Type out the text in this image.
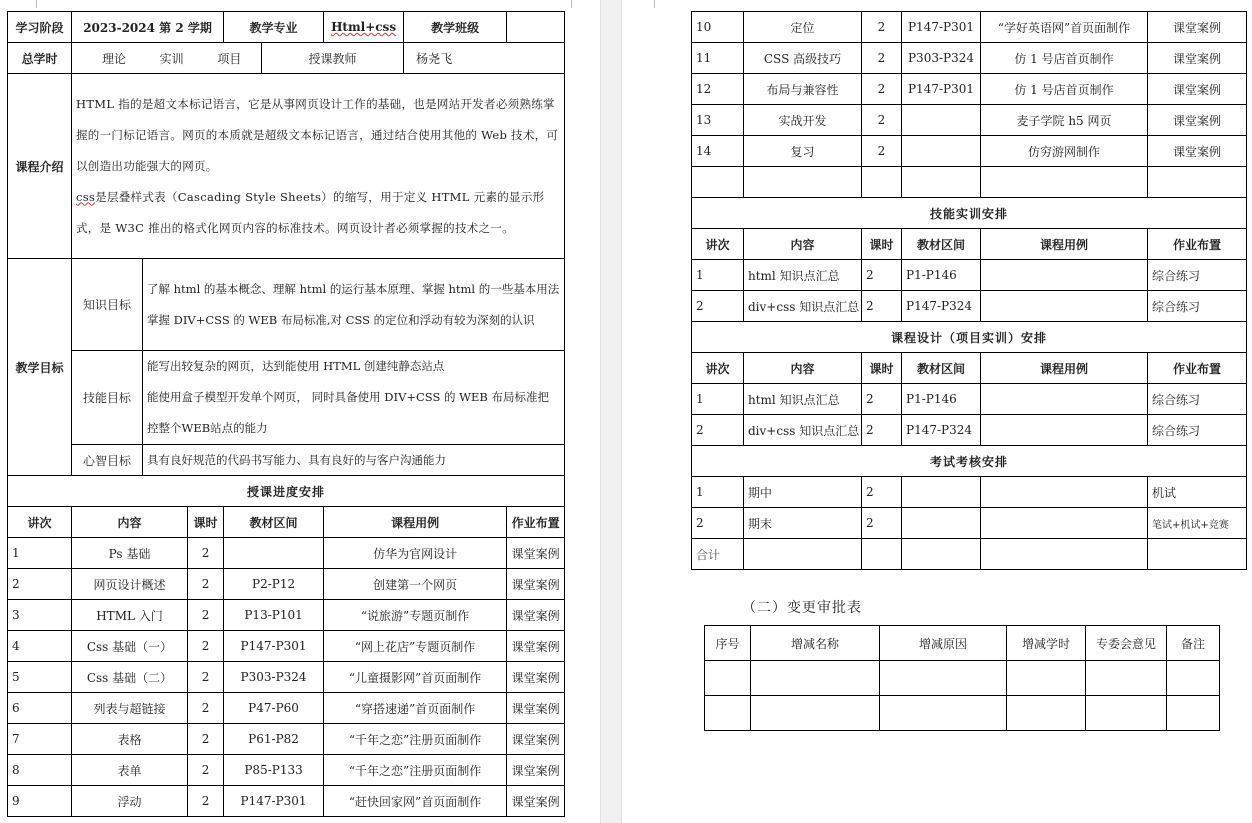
学习阶段	2023-2024 第 2 学期			教学专业		Html+css	教学班级	
总学时	理论 实训 项目				授课教师		杨尧飞	
课程介绍	HTML 指的是超文本标记语言，它是从事网页设计工作的基础，也是网站开发者必须熟练掌握的一门标记语言。网页的本质就是超级文本标记语言，通过结合使用其他的 Web 技术，可以创造出功能强大的网页。

css是层叠样式表（Cascading Style Sheets）的缩写，用于定义 HTML 元素的显示形式，是 W3C 推出的格式化网页内容的标准技术。网页设计者必须掌握的技术之一。							

教学目标	知识目标	了解 html 的基本概念、理解 html 的运行基本原理、掌握 html 的一些基本用法
掌握 DIV+CSS 的 WEB 布局标准,对 CSS 的定位和浮动有较为深刻的认识						

	技能目标	能写出较复杂的网页，达到能使用 HTML 创建纯静态站点
能使用盒子模型开发单个网页， 同时具备使用 DIV+CSS 的 WEB 布局标准把控整个WEB站点的能力						

	心智目标	具有良好规范的代码书写能力、具有良好的与客户沟通能力						
授课进度安排								
讲次	内容		课时	教材区间		课程用例		作业布置
1	Ps 基础		2			仿华为官网设计		课堂案例
2	网页设计概述		2	P2-P12		创建第一个网页		课堂案例
3	HTML 入门		2	P13-P101		“说旅游”专题页制作		课堂案例
4	Css 基础（一）		2	P147-P301		“网上花店”专题页制作		课堂案例
5	Css 基础（二）		2	P303-P324		“儿童摄影网”首页面制作		课堂案例
6	列表与超链接		2	P47-P60		“穿搭速递”首页面制作		课堂案例
7	表格		2	P61-P82		“千年之恋”注册页面制作		课堂案例
8	表单		2	P85-P133		“千年之恋”注册页面制作		课堂案例
9	浮动		2	P147-P301		“赶快回家网”首页面制作		课堂案例
10	定位	2	P147-P301	“学好英语网”首页面制作	课堂案例
11	CSS 高级技巧	2	P303-P324	仿 1 号店首页制作	课堂案例
12	布局与兼容性	2	P147-P301	仿 1 号店首页制作	课堂案例
13	实战开发	2		麦子学院 h5 网页	课堂案例
14	复习	2		仿穷游网制作	课堂案例

技能实训安排					
讲次	内容	课时	教材区间	课程用例	作业布置
1	html 知识点汇总	2	P1-P146		综合练习
2	div+css 知识点汇总	2	P147-P324		综合练习
课程设计（项目实训）安排					
讲次	内容	课时	教材区间	课程用例	作业布置
1	html 知识点汇总	2	P1-P146		综合练习
2	div+css 知识点汇总	2	P147-P324		综合练习
考试考核安排					
1	期中	2			机试
2	期末	2			笔试+机试+竞赛
合计					
（二）变更审批表
序号	增减名称	增减原因	增减学时	专委会意见	备注
